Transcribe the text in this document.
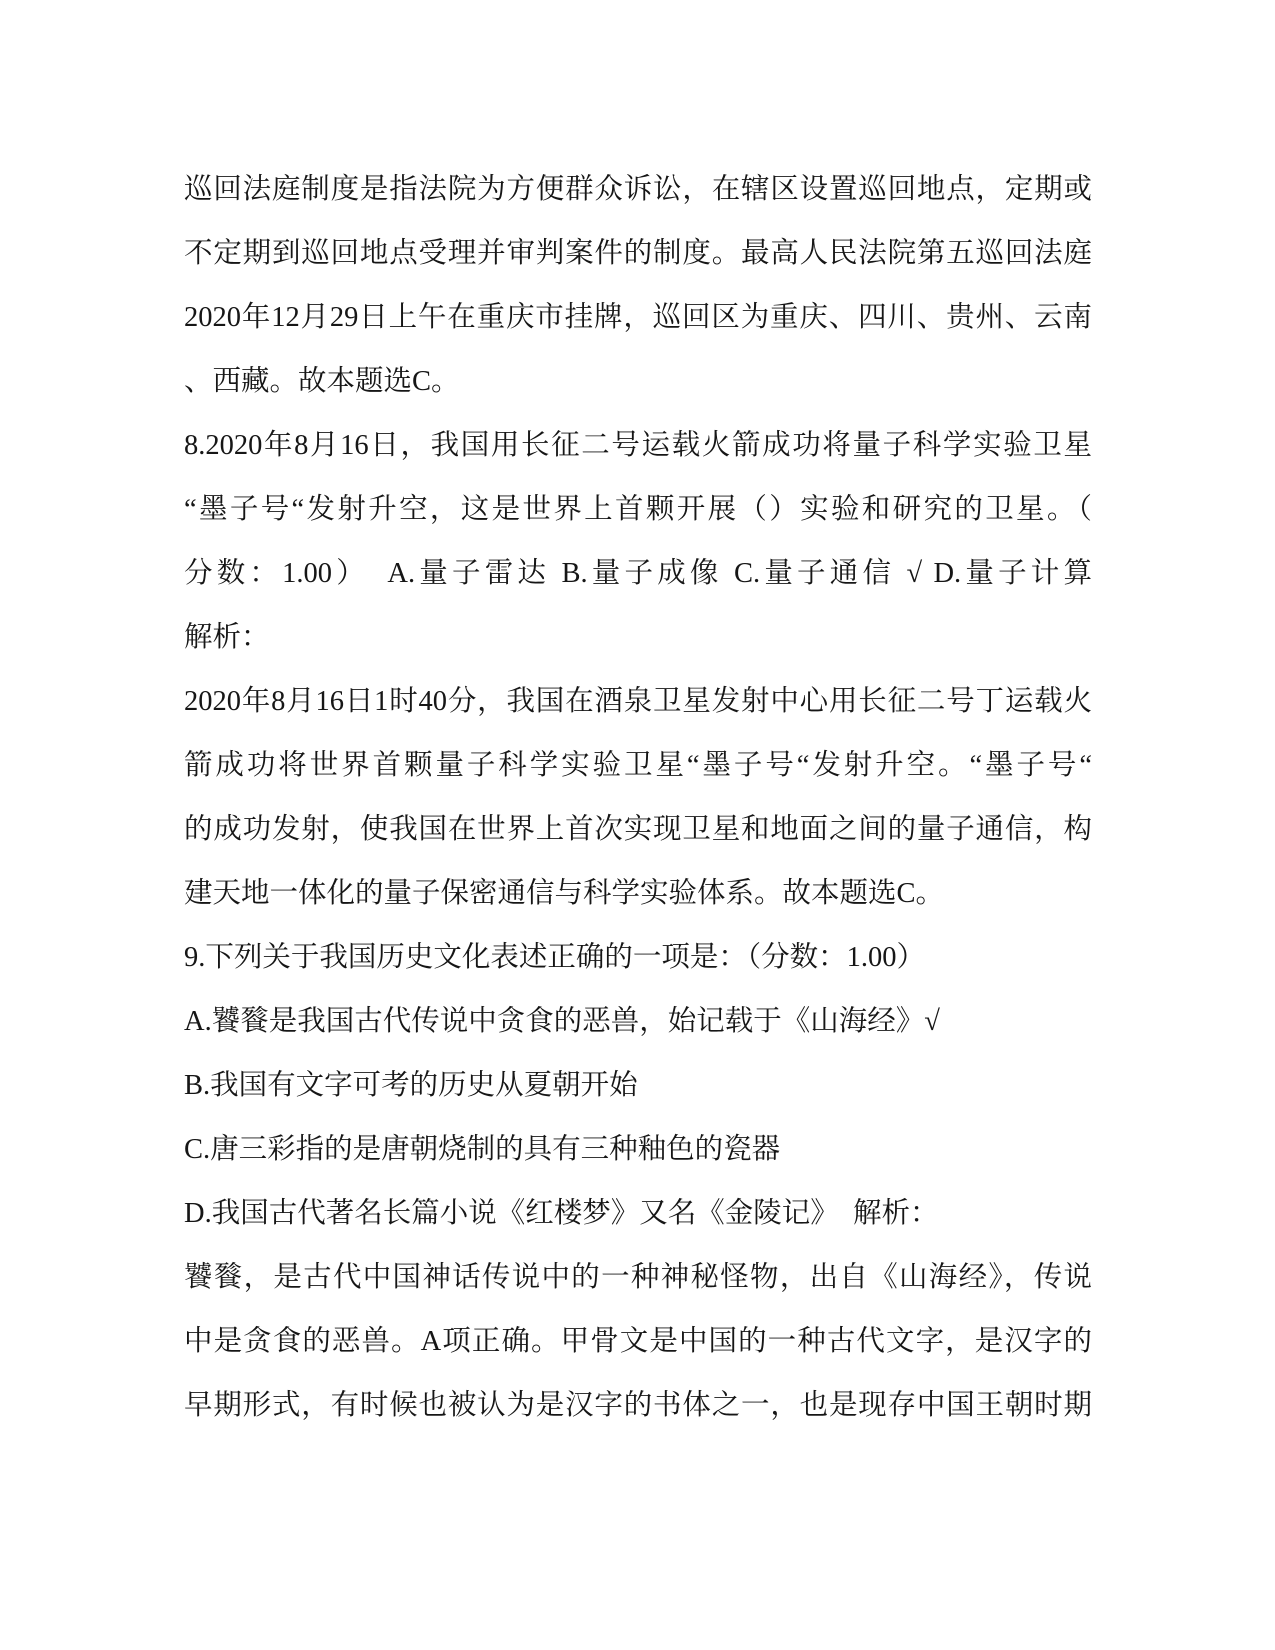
巡回法庭制度是指法院为方便群众诉讼，在辖区设置巡回地点，定期或
不定期到巡回地点受理并审判案件的制度。最高人民法院第五巡回法庭
2020年12月29日上午在重庆市挂牌，巡回区为重庆、四川、贵州、云南
、西藏。故本题选C。
8.2020年8月16日，我国用长征二号运载火箭成功将量子科学实验卫星
“墨子号“发射升空，这是世界上首颗开展（）实验和研究的卫星。（
分数：1.00）　A.量子雷达 B.量子成像 C.量子通信 √ D.量子计算
解析：
2020年8月16日1时40分，我国在酒泉卫星发射中心用长征二号丁运载火
箭成功将世界首颗量子科学实验卫星“墨子号“发射升空。“墨子号“
的成功发射，使我国在世界上首次实现卫星和地面之间的量子通信，构
建天地一体化的量子保密通信与科学实验体系。故本题选C。
9.下列关于我国历史文化表述正确的一项是：（分数：1.00）
A.饕餮是我国古代传说中贪食的恶兽，始记载于《山海经》√
B.我国有文字可考的历史从夏朝开始
C.唐三彩指的是唐朝烧制的具有三种釉色的瓷器
D.我国古代著名长篇小说《红楼梦》又名《金陵记》　解析：
饕餮，是古代中国神话传说中的一种神秘怪物，出自《山海经》，传说
中是贪食的恶兽。A项正确。甲骨文是中国的一种古代文字，是汉字的
早期形式，有时候也被认为是汉字的书体之一，也是现存中国王朝时期
